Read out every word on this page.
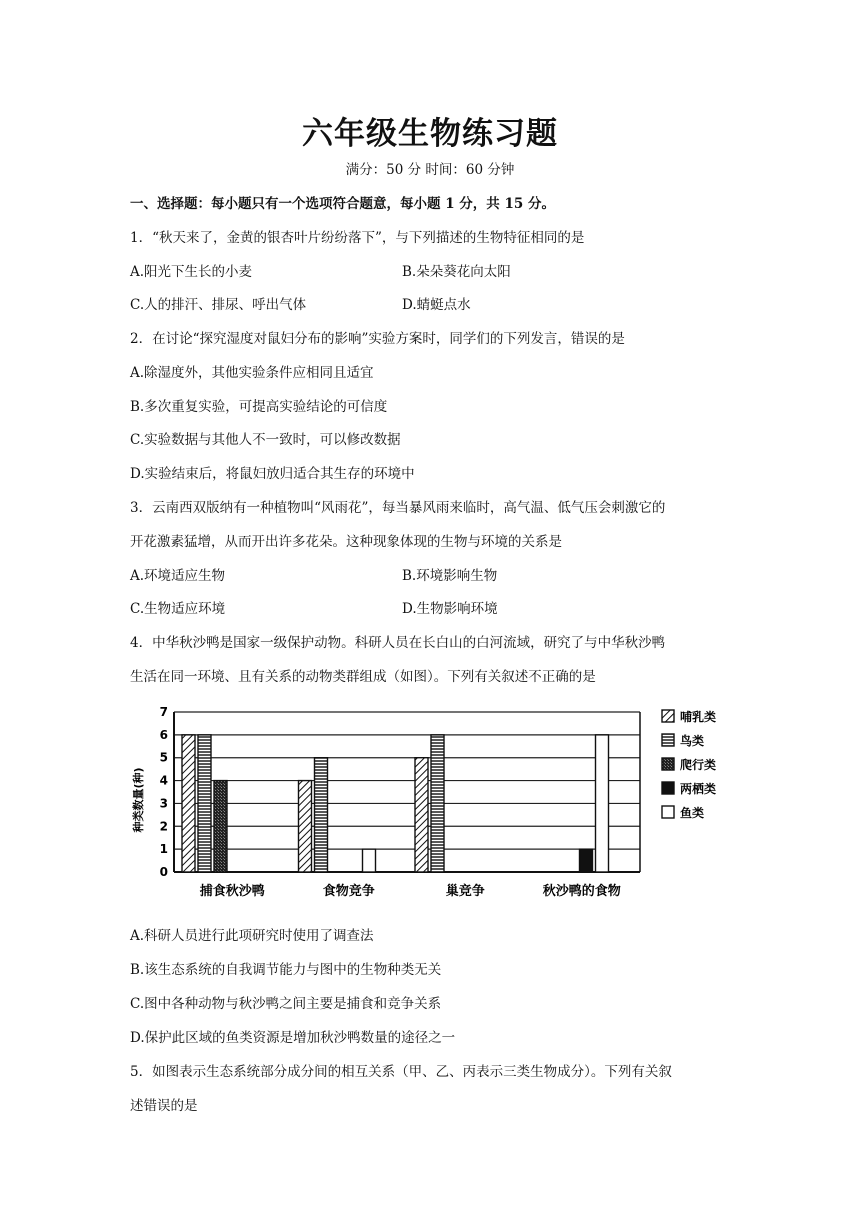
六年级生物练习题
满分：50 分 时间：60 分钟
一、选择题：每小题只有一个选项符合题意，每小题 1 分，共 15 分。
1．“秋天来了，金黄的银杏叶片纷纷落下”，与下列描述的生物特征相同的是
A.阳光下生长的小麦	B.朵朵葵花向太阳
C.人的排汗、排尿、呼出气体	D.蜻蜓点水
2．在讨论“探究湿度对鼠妇分布的影响”实验方案时，同学们的下列发言，错误的是
A.除湿度外，其他实验条件应相同且适宜
B.多次重复实验，可提高实验结论的可信度
C.实验数据与其他人不一致时，可以修改数据
D.实验结束后，将鼠妇放归适合其生存的环境中
3．云南西双版纳有一种植物叫“风雨花”，每当暴风雨来临时，高气温、低气压会刺激它的
开花激素猛增，从而开出许多花朵。这种现象体现的生物与环境的关系是
A.环境适应生物	B.环境影响生物
C.生物适应环境	D.生物影响环境
4．中华秋沙鸭是国家一级保护动物。科研人员在长白山的白河流域，研究了与中华秋沙鸭
生活在同一环境、且有关系的动物类群组成（如图）。下列有关叙述不正确的是
0
1
2
3
4
5
6
7
捕食秋沙鸭	食物竞争	巢竞争	秋沙鸭的食物
种类数量(种)
哺乳类
鸟类
爬行类
两栖类
鱼类
A.科研人员进行此项研究时使用了调查法
B.该生态系统的自我调节能力与图中的生物种类无关
C.图中各种动物与秋沙鸭之间主要是捕食和竞争关系
D.保护此区域的鱼类资源是增加秋沙鸭数量的途径之一
5．如图表示生态系统部分成分间的相互关系（甲、乙、丙表示三类生物成分）。下列有关叙
述错误的是
